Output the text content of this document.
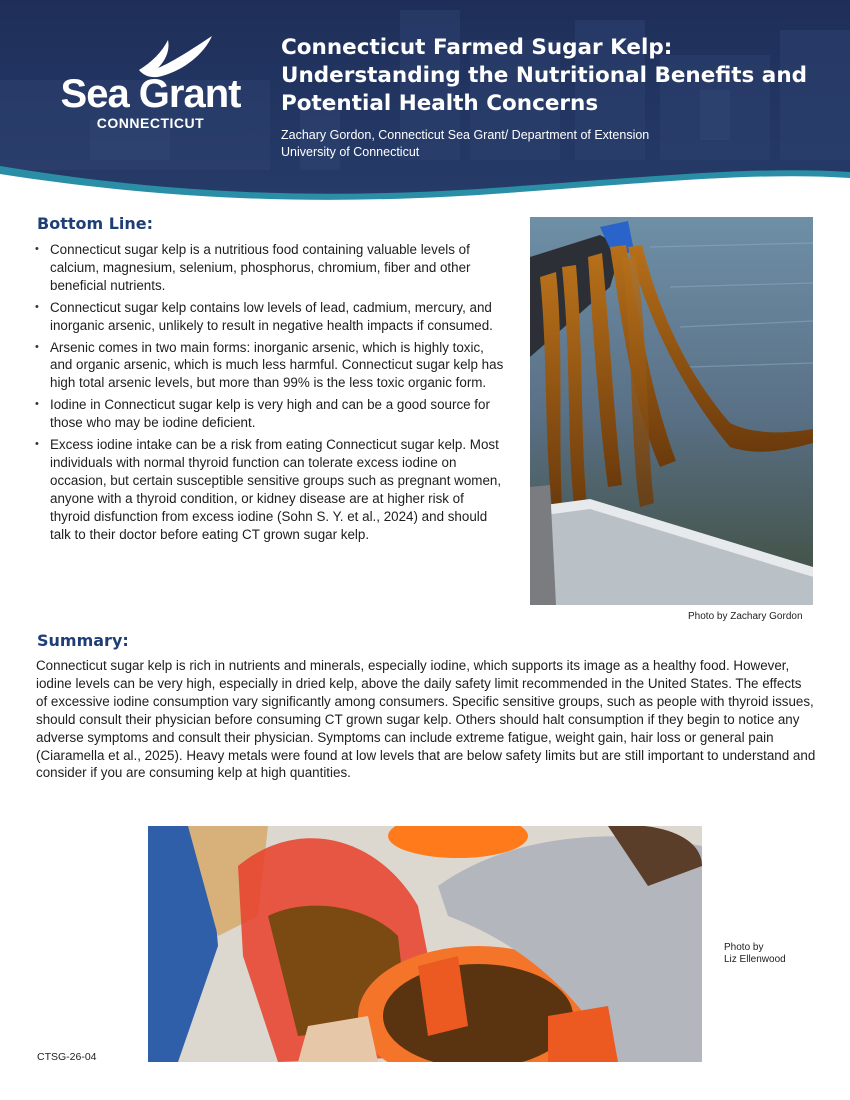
Sea Grant
CONNECTICUT
Connecticut Farmed Sugar Kelp: Understanding the Nutritional Benefits and Potential Health Concerns
Zachary Gordon, Connecticut Sea Grant/ Department of Extension
University of Connecticut
Bottom Line:
• Connecticut sugar kelp is a nutritious food containing valuable levels of calcium, magnesium, selenium, phosphorus, chromium, fiber and other beneficial nutrients.
• Connecticut sugar kelp contains low levels of lead, cadmium, mercury, and inorganic arsenic, unlikely to result in negative health impacts if consumed.
• Arsenic comes in two main forms: inorganic arsenic, which is highly toxic, and organic arsenic, which is much less harmful. Connecticut sugar kelp has high total arsenic levels, but more than 99% is the less toxic organic form.
• Iodine in Connecticut sugar kelp is very high and can be a good source for those who may be iodine deficient.
• Excess iodine intake can be a risk from eating Connecticut sugar kelp. Most individuals with normal thyroid function can tolerate excess iodine on occasion, but certain susceptible sensitive groups such as pregnant women, anyone with a thyroid condition, or kidney disease are at higher risk of thyroid disfunction from excess iodine (Sohn S. Y. et al., 2024) and should talk to their doctor before eating CT grown sugar kelp.
Photo by Zachary Gordon
Summary:
Connecticut sugar kelp is rich in nutrients and minerals, especially iodine, which supports its image as a healthy food. However, iodine levels can be very high, especially in dried kelp, above the daily safety limit recommended in the United States. The effects of excessive iodine consumption vary significantly among consumers. Specific sensitive groups, such as people with thyroid issues, should consult their physician before consuming CT grown sugar kelp. Others should halt consumption if they begin to notice any adverse symptoms and consult their physician. Symptoms can include extreme fatigue, weight gain, hair loss or general pain (Ciaramella et al., 2025). Heavy metals were found at low levels that are below safety limits but are still important to understand and consider if you are consuming kelp at high quantities.
Photo by
Liz Ellenwood
CTSG-26-04
